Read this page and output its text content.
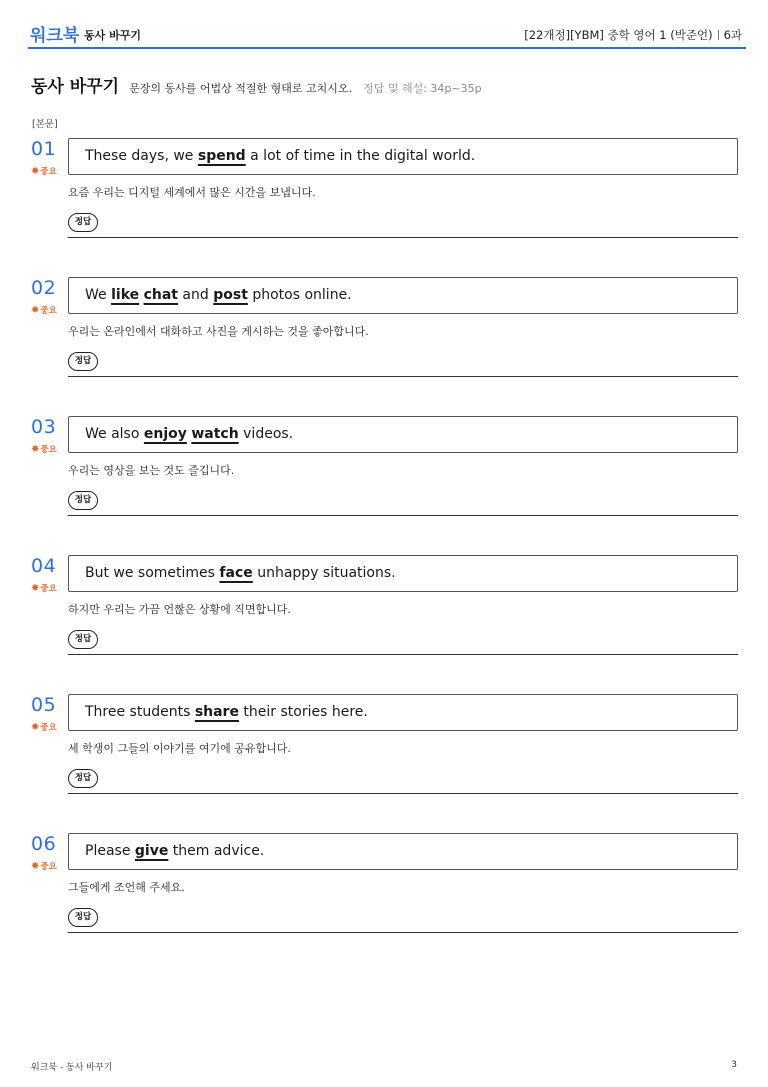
워크북 동사 바꾸기	[22개정][YBM] 중학 영어 1 (박준언) 6과
동사 바꾸기 문장의 동사를 어법상 적절한 형태로 고치시오. 정답 및 해설: 34p~35p
[본문]
01
✸중요
These days, we spend a lot of time in the digital world.
요즘 우리는 디지털 세계에서 많은 시간을 보냅니다.
정답
02
✸중요
We like chat and post photos online.
우리는 온라인에서 대화하고 사진을 게시하는 것을 좋아합니다.
정답
03
✸중요
We also enjoy watch videos.
우리는 영상을 보는 것도 즐깁니다.
정답
04
✸중요
But we sometimes face unhappy situations.
하지만 우리는 가끔 언짢은 상황에 직면합니다.
정답
05
✸중요
Three students share their stories here.
세 학생이 그들의 이야기를 여기에 공유합니다.
정답
06
✸중요
Please give them advice.
그들에게 조언해 주세요.
정답
워크북 - 동사 바꾸기	3
